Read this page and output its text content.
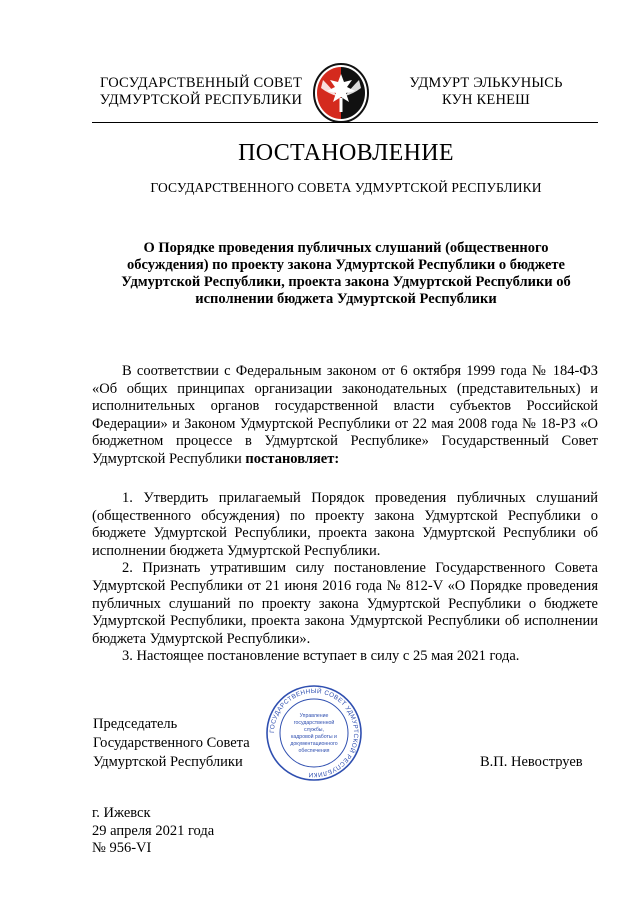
ГОСУДАРСТВЕННЫЙ СОВЕТ
УДМУРТСКОЙ РЕСПУБЛИКИ
УДМУРТ ЭЛЬКУНЫСЬ
КУН КЕНЕШ
ПОСТАНОВЛЕНИЕ
ГОСУДАРСТВЕННОГО СОВЕТА УДМУРТСКОЙ РЕСПУБЛИКИ
О Порядке проведения публичных слушаний (общественного
обсуждения) по проекту закона Удмуртской Республики о бюджете
Удмуртской Республики, проекта закона Удмуртской Республики об
исполнении бюджета Удмуртской Республики

В соответствии с Федеральным законом от 6 октября 1999 года № 184-ФЗ «Об общих принципах организации законодательных (представительных) и исполнительных органов государственной власти субъектов Российской Федерации» и Законом Удмуртской Республики от 22 мая 2008 года № 18-РЗ «О бюджетном процессе в Удмуртской Республике» Государственный Совет Удмуртской Республики постановляет:

1. Утвердить прилагаемый Порядок проведения публичных слушаний (общественного обсуждения) по проекту закона Удмуртской Республики о бюджете Удмуртской Республики, проекта закона Удмуртской Республики об исполнении бюджета Удмуртской Республики.

2. Признать утратившим силу постановление Государственного Совета Удмуртской Республики от 21 июня 2016 года № 812-V «О Порядке проведения публичных слушаний по проекту закона Удмуртской Республики о бюджете Удмуртской Республики, проекта закона Удмуртской Республики об исполнении бюджета Удмуртской Республики».

3. Настоящее постановление вступает в силу с 25 мая 2021 года.

Председатель
Государственного Совета
Удмуртской Республики
ГОСУДАРСТВЕННЫЙ СОВЕТ УДМУРТСКОЙ РЕСПУБЛИКИ
Управление
государственной
службы,
кадровой работы и
документационного
обеспечения
В.П. Невоструев
г. Ижевск
29 апреля 2021 года
№ 956-VI
